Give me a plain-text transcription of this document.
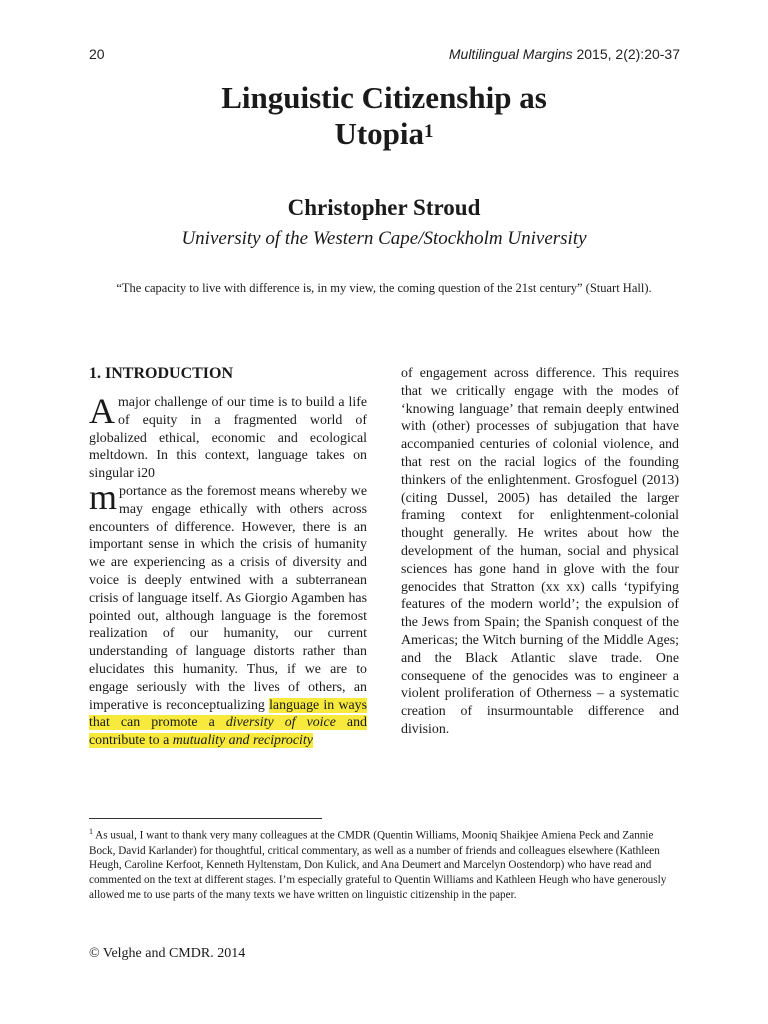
20	Multilingual Margins 2015, 2(2):20-37
Linguistic Citizenship as
Utopia$^1$
Christopher Stroud
University of the Western Cape/Stockholm University
“The capacity to live with difference is, in my view, the coming question of the 21st century” (Stuart Hall).
1. INTRODUCTION

Amajor challenge of our time is to build a life of equity in a fragmented world of globalized ethical, economic and ecological meltdown. In this context, language takes on singular i20

mportance as the foremost means whereby we may engage ethically with others across encounters of difference. However, there is an important sense in which the crisis of humanity we are experiencing as a crisis of diversity and voice is deeply entwined with a subterranean crisis of language itself. As Giorgio Agamben has pointed out, although language is the foremost realization of our humanity, our current understanding of language distorts rather than elucidates this humanity. Thus, if we are to engage seriously with the lives of others, an imperative is reconceptualizing language in ways that can promote a diversity of voice and contribute to a mutuality and reciprocity

of engagement across difference. This requires that we critically engage with the modes of ‘knowing language’ that remain deeply entwined with (other) processes of subjugation that have accompanied centuries of colonial violence, and that rest on the racial logics of the founding thinkers of the enlightenment. Grosfoguel (2013) (citing Dussel, 2005) has detailed the larger framing context for enlightenment-colonial thought generally. He writes about how the development of the human, social and physical sciences has gone hand in glove with the four genocides that Stratton (xx xx) calls ‘typifying features of the modern world’; the expulsion of the Jews from Spain; the Spanish conquest of the Americas; the Witch burning of the Middle Ages; and the Black Atlantic slave trade. One consequene of the genocides was to engineer a violent proliferation of Otherness – a systematic creation of insurmountable difference and division.

$^1$ As usual, I want to thank very many colleagues at the CMDR (Quentin Williams, Mooniq Shaikjee Amiena Peck and Zannie Bock, David Karlander) for thoughtful, critical commentary, as well as a number of friends and colleagues elsewhere (Kathleen Heugh, Caroline Kerfoot, Kenneth Hyltenstam, Don Kulick, and Ana Deumert and Marcelyn Oostendorp) who have read and commented on the text at different stages. I’m especially grateful to Quentin Williams and Kathleen Heugh who have generously allowed me to use parts of the many texts we have written on linguistic citizenship in the paper.
© Velghe and CMDR. 2014
